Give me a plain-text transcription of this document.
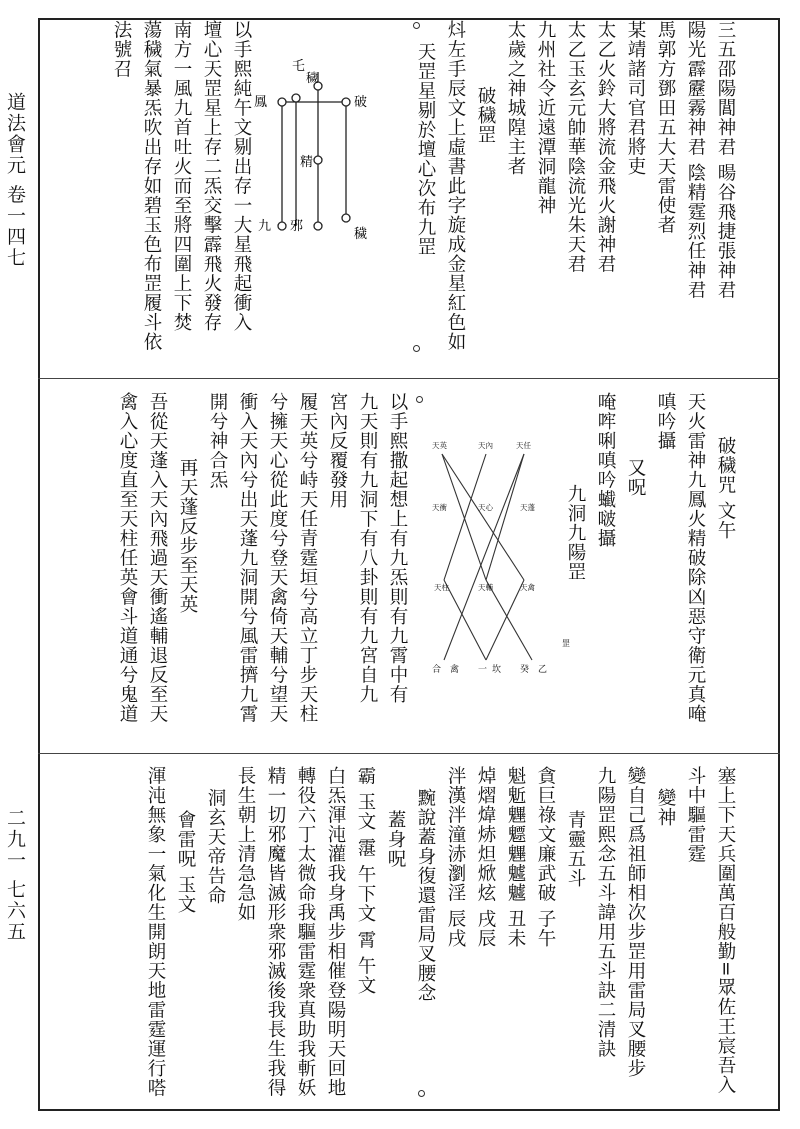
道法會元 卷一四七
二九一 七六五
三五邵陽閶神君 暘谷飛捷張神君
陽光霹靂霧神君 陰精霆烈任神君
馬郭方鄧田五大天雷使者
某靖諸司官君將吏
太乙火鈴大將流金飛火謝神君
太乙玉玄元帥華陰流光朱天君
九州社令近遠潭洞龍神
太歲之神城隍主者
破穢罡
炓左手辰文上虛書此字旋成金星紅色如
天罡星剔於壇心次布九罡
乇
穢
鳳	破
精
九 邪
穢
以手熙純午文剔出存一大星飛起衝入
壇心天罡星上存二炁交擊霹飛火發存
南方一風九首吐火而至將四圍上下焚
蕩穢氣暴炁吹出存如碧玉色布罡履斗依
法號召
破穢咒 文午
天火雷神九鳳火精破除凶惡守衛元真唵
嗔吟攝
又呪
唵哰唎嗔吟蠘啵攝
九洞九陽罡
天英	天內	天任
天衝	天心	天蓬
天柱	天輔	天禽
合 禽 一 坎 癸 乙
罡
以手熙撒起想上有九炁則有九霄中有
九天則有九洞下有八卦則有九宮自九
宮內反覆發用
履天英兮峙天任青霆垣兮高立丁步天柱
兮擁天心從此度兮登天禽倚天輔兮望天
衝入天內兮出天蓬九洞開兮風雷擠九霄
開兮神合炁
再天蓬反步至天英
吾從天蓬入天內飛過天衝遙輔退反至天
禽入心度直至天柱任英會斗道通兮鬼道
塞上下天兵圍萬百般勤=眾佐王宸吾入
斗中驅雷霆
變神
變自己爲祖師相次步罡用雷局叉腰步
九陽罡熙念五斗諱用五斗訣二清訣
青靈五斗
貪巨祿文廉武破 子午
魁鬿魓魒魓魖魖 丑未
焯熠煒焃炟焮炫 戌辰
泮漢泮潼浾瀏淫 辰戌
黦說蓋身復還雷局叉腰念
蓋身呪
霸 玉文 霮 午下文 霄 午文
白炁渾沌灌我身禹步相催登陽明天回地
轉役六丁太微命我驅雷霆衆真助我斬妖
精一切邪魔皆滅形衆邪滅後我長生我得
長生朝上清急急如
洞玄天帝告命
會雷呪 玉文
渾沌無象一氣化生開朗天地雷霆運行嗒
